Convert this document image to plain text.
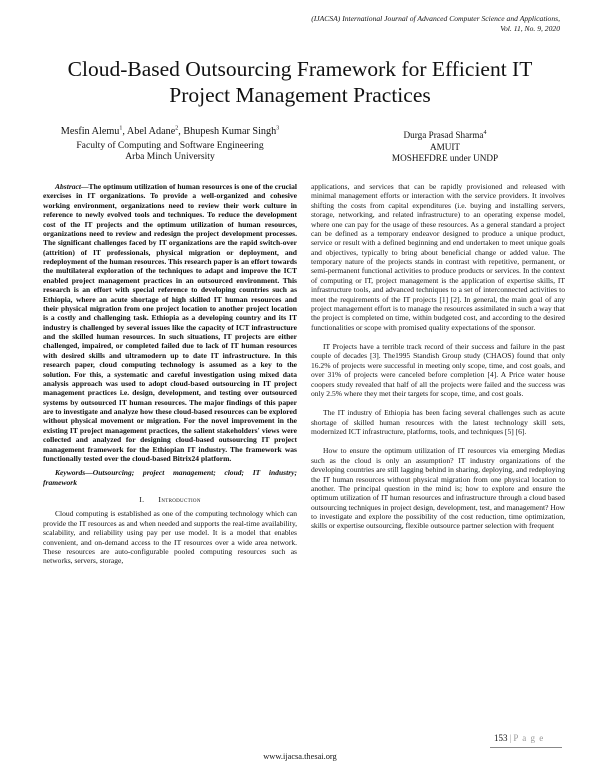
(IJACSA) International Journal of Advanced Computer Science and Applications,
Vol. 11, No. 9, 2020
Cloud-Based Outsourcing Framework for Efficient IT
Project Management Practices
Mesfin Alemu$^1$, Abel Adane$^2$, Bhupesh Kumar Singh$^3$
Faculty of Computing and Software Engineering
Arba Minch University
Durga Prasad Sharma$^4$
AMUIT
MOSHEFDRE under UNDP

Abstract—The optimum utilization of human resources is one of the crucial exercises in IT organizations. To provide a well-organized and cohesive working environment, organizations need to review their work culture in reference to newly evolved tools and techniques. To reduce the development cost of the IT projects and the optimum utilization of human resources, organizations need to review and redesign the project development processes. The significant challenges faced by IT organizations are the rapid switch-over (attrition) of IT professionals, physical migration or deployment, and redeployment of the human resources. This research paper is an effort towards the multilateral exploration of the techniques to adapt and improve the ICT enabled project management practices in an outsourced environment. This research is an effort with special reference to developing countries such as Ethiopia, where an acute shortage of high skilled IT human resources and their physical migration from one project location to another project location is a costly and challenging task. Ethiopia as a developing country and its IT industry is challenged by several issues like the capacity of ICT infrastructure and the skilled human resources. In such situations, IT projects are either challenged, impaired, or completed failed due to lack of IT human resources with desired skills and ultramodern up to date IT infrastructure. In this research paper, cloud computing technology is assumed as a key to the solution. For this, a systematic and careful investigation using mixed data analysis approach was used to adopt cloud-based outsourcing in IT project management practices i.e. design, development, and testing over outsourced systems by outsourced IT human resources. The major findings of this paper are to investigate and analyze how these cloud-based resources can be explored without physical movement or migration. For the novel improvement in the existing IT project management practices, the salient stakeholders' views were collected and analyzed for designing cloud-based outsourcing IT project management framework for the Ethiopian IT industry. The framework was functionally tested over the cloud-based Bitrix24 platform.

Keywords—Outsourcing; project management; cloud; IT industry; framework

I. Introduction

Cloud computing is established as one of the computing technology which can provide the IT resources as and when needed and supports the real-time availability, scalability, and reliability using pay per use model. It is a model that enables convenient, and on-demand access to the IT resources over a wide area network. These resources are auto-configurable pooled computing resources such as networks, servers, storage,

applications, and services that can be rapidly provisioned and released with minimal management efforts or interaction with the service providers. It involves shifting the costs from capital expenditures (i.e. buying and installing servers, storage, networking, and related infrastructure) to an operating expense model, where one can pay for the usage of these resources. As a general standard a project can be defined as a temporary endeavor designed to produce a unique product, service or result with a defined beginning and end undertaken to meet unique goals and objectives, typically to bring about beneficial change or added value. The temporary nature of the projects stands in contrast with repetitive, permanent, or semi-permanent functional activities to produce products or services. In the context of computing or IT, project management is the application of expertise skills, IT infrastructure tools, and advanced techniques to a set of interconnected activities to meet the requirements of the IT projects [1] [2]. In general, the main goal of any project management effort is to manage the resources assimilated in such a way that the project is completed on time, within budgeted cost, and according to the desired functionalities or scope with promised quality expectations of the sponsor.

IT Projects have a terrible track record of their success and failure in the past couple of decades [3]. The1995 Standish Group study (CHAOS) found that only 16.2% of projects were successful in meeting only scope, time, and cost goals, and over 31% of projects were canceled before completion [4]. A Price water house coopers study revealed that half of all the projects were failed and the success was only 2.5% where they met their targets for scope, time, and cost goals.

The IT industry of Ethiopia has been facing several challenges such as acute shortage of skilled human resources with the latest technology skill sets, modernized ICT infrastructure, platforms, tools, and techniques [5] [6].

How to ensure the optimum utilization of IT resources via emerging Medias such as the cloud is only an assumption? IT industry organizations of the developing countries are still lagging behind in sharing, deploying, and redeploying the IT human resources without physical migration from one physical location to another. The principal question in the mind is; how to explore and ensure the optimum utilization of IT human resources and infrastructure through a cloud based outsourcing techniques in project design, development, test, and management? How to investigate and explore the possibility of the cost reduction, time optimization, skills or expertise outsourcing, flexible outsource partner selection with frequent

153 | P a g e
www.ijacsa.thesai.org
